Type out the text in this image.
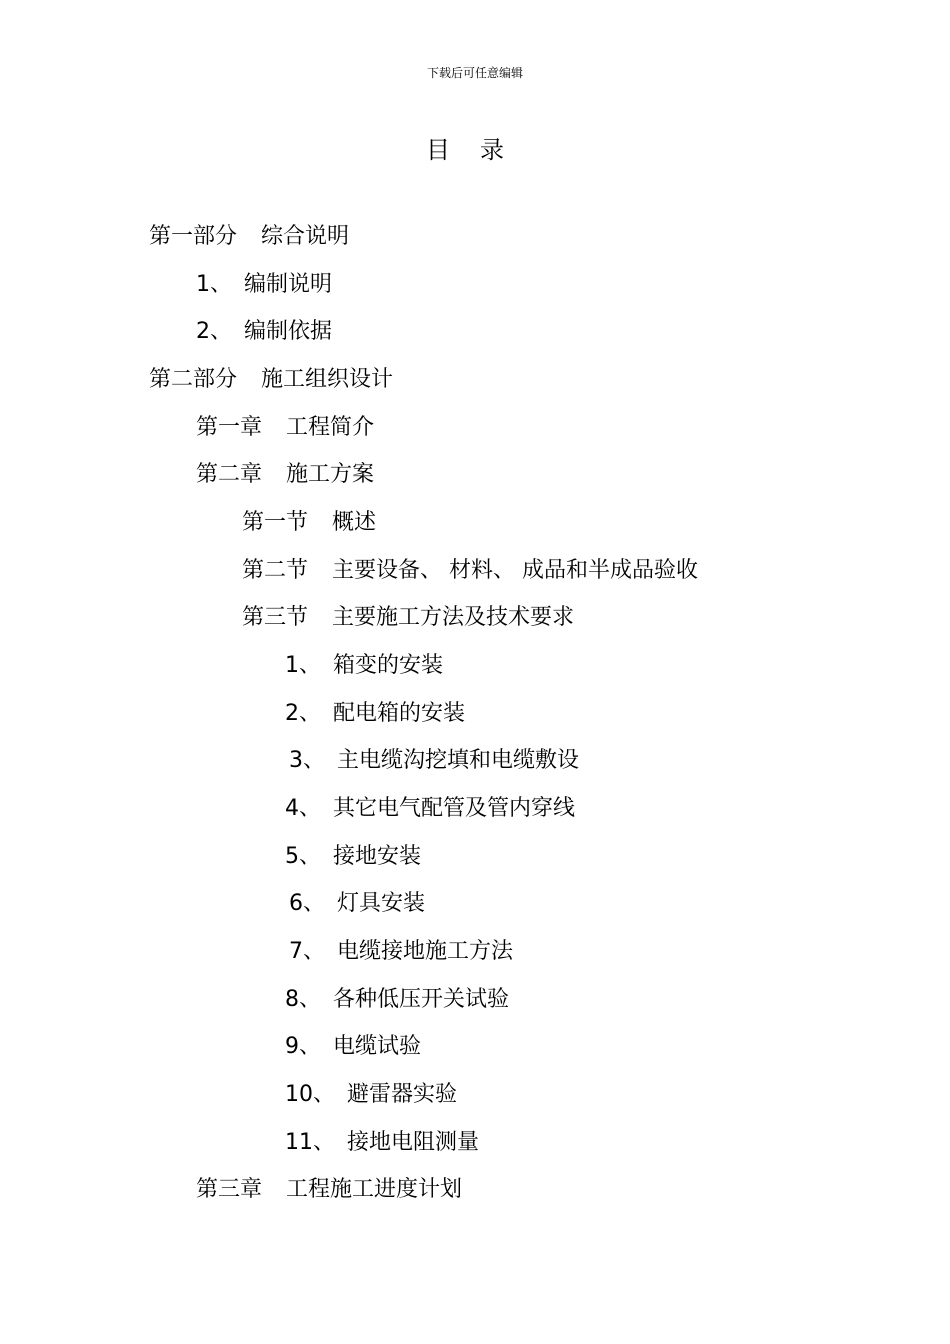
下载后可任意编辑
目录
第一部分 综合说明
1、 编制说明
2、 编制依据
第二部分 施工组织设计
第一章 工程简介
第二章 施工方案
第一节 概述
第二节 主要设备、 材料、 成品和半成品验收
第三节 主要施工方法及技术要求
1、 箱变的安装
2、 配电箱的安装
3、 主电缆沟挖填和电缆敷设
4、 其它电气配管及管内穿线
5、 接地安装
6、 灯具安装
7、 电缆接地施工方法
8、 各种低压开关试验
9、 电缆试验
10、 避雷器实验
11、 接地电阻测量
第三章 工程施工进度计划
